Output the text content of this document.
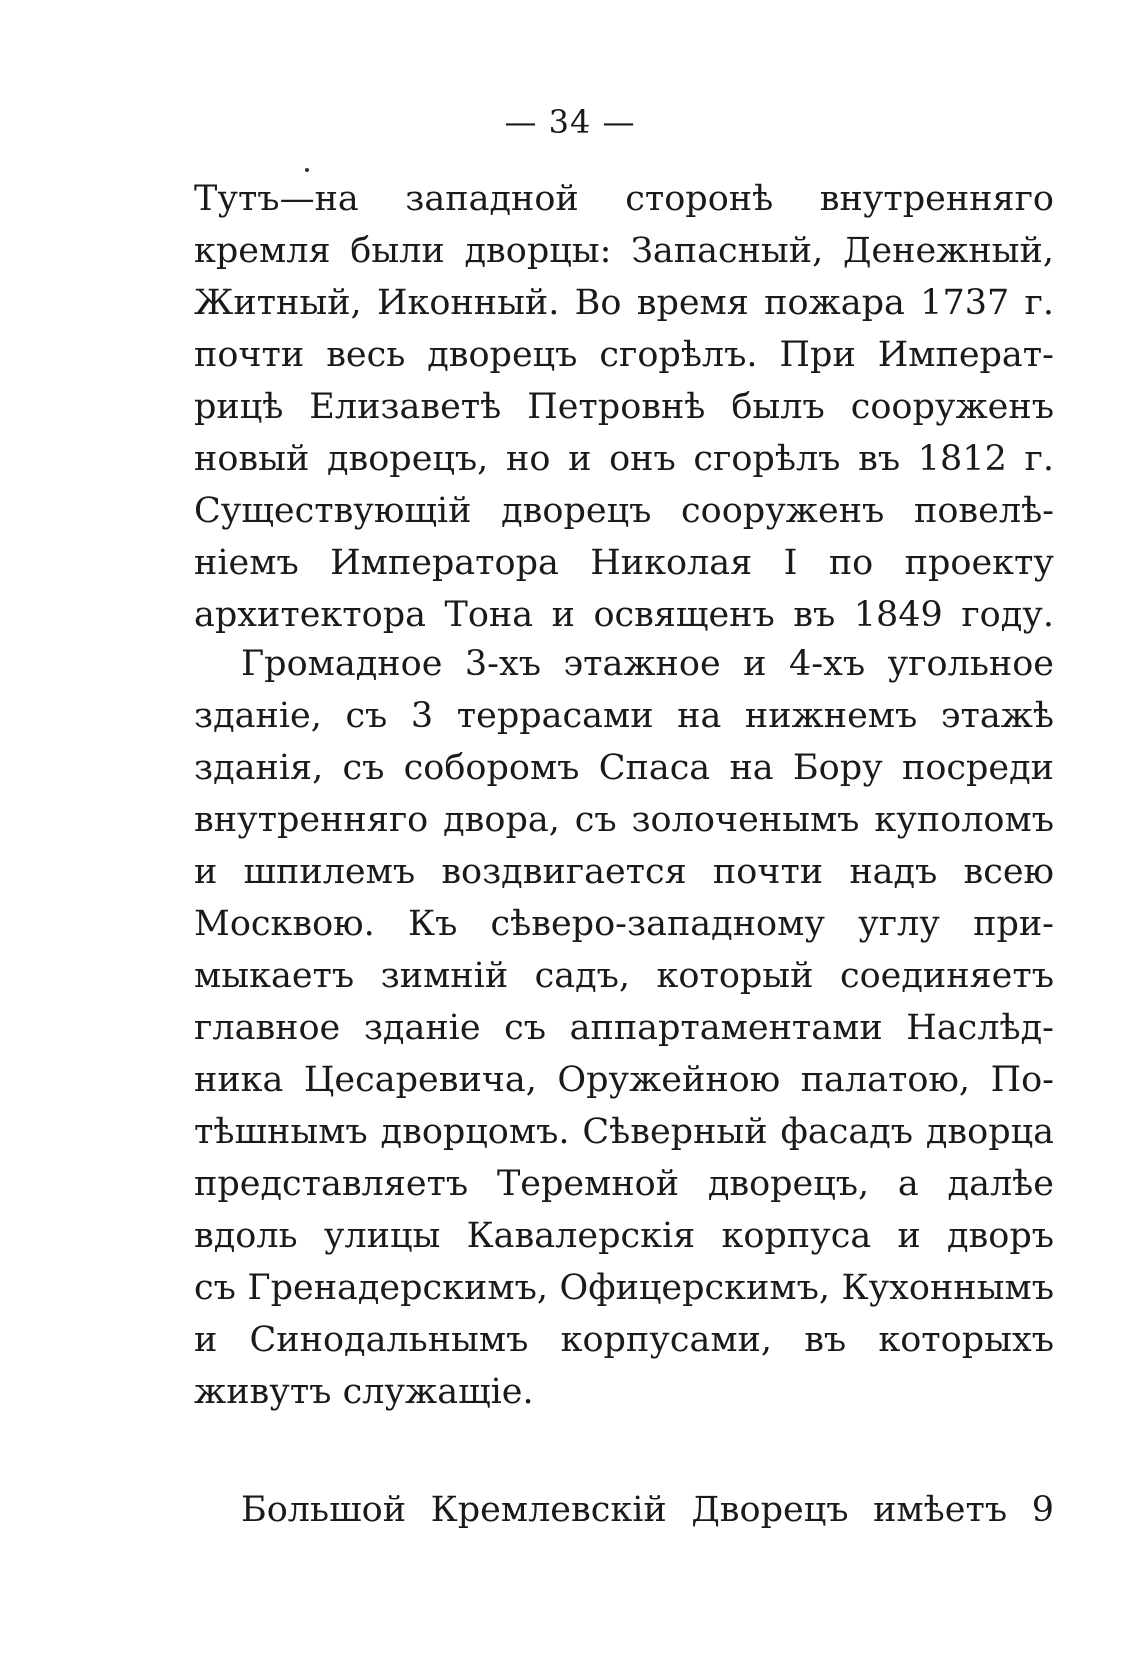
— 34 —
Тутъ—на западной сторонѣ внутренняго
кремля были дворцы: Запасный, Денежный,
Житный, Иконный. Во время пожара 1737 г.
почти весь дворецъ сгорѣлъ. При Императ-
рицѣ Елизаветѣ Петровнѣ былъ сооруженъ
новый дворецъ, но и онъ сгорѣлъ въ 1812 г.
Существующій дворецъ сооруженъ повелѣ-
ніемъ Императора Николая I по проекту
архитектора Тона и освященъ въ 1849 году.
Громадное 3-хъ этажное и 4-хъ угольное
зданіе, съ 3 террасами на нижнемъ этажѣ
зданія, съ соборомъ Спаса на Бору посреди
внутренняго двора, съ золоченымъ куполомъ
и шпилемъ воздвигается почти надъ всею
Москвою. Къ сѣверо-западному углу при-
мыкаетъ зимній садъ, который соединяетъ
главное зданіе съ аппартаментами Наслѣд-
ника Цесаревича, Оружейною палатою, По-
тѣшнымъ дворцомъ. Сѣверный фасадъ дворца
представляетъ Теремной дворецъ, а далѣе
вдоль улицы Кавалерскія корпуса и дворъ
съ Гренадерскимъ, Офицерскимъ, Кухоннымъ
и Синодальнымъ корпусами, въ которыхъ
живутъ служащіе.
Большой Кремлевскій Дворецъ имѣетъ 9
